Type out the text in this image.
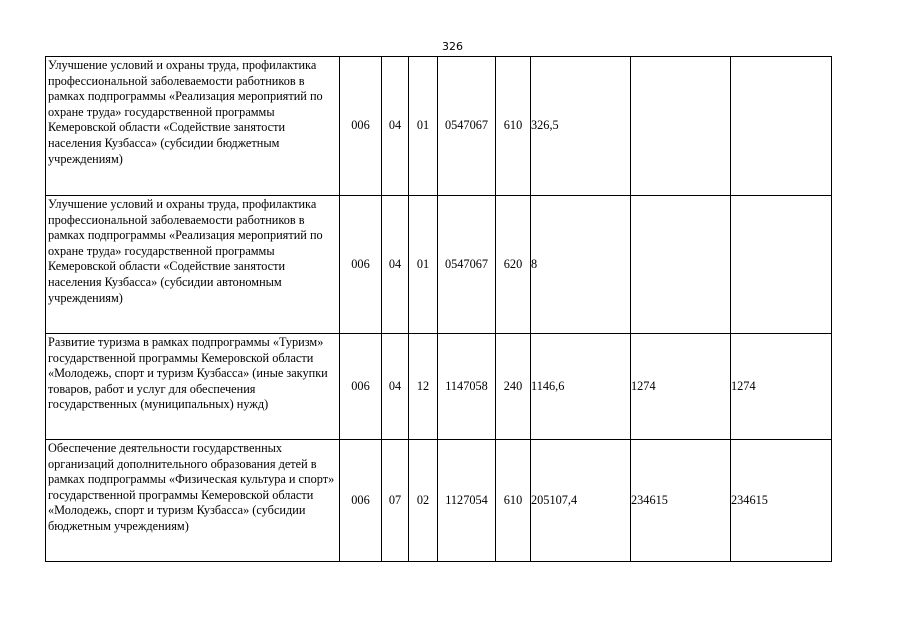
326
Улучшение условий и охраны труда, профилактика профессиональной заболеваемости работников в рамках подпрограммы «Реализация мероприятий по охране труда» государственной программы Кемеровской области «Содействие занятости населения Кузбасса» (субсидии бюджетным учреждениям)	006	04	01	0547067	610	326,5		
Улучшение условий и охраны труда, профилактика профессиональной заболеваемости работников в рамках подпрограммы «Реализация мероприятий по охране труда» государственной программы Кемеровской области «Содействие занятости населения Кузбасса» (субсидии автономным учреждениям)	006	04	01	0547067	620	8		
Развитие туризма в рамках подпрограммы «Туризм» государственной программы Кемеровской области «Молодежь, спорт и туризм Кузбасса» (иные закупки товаров, работ и услуг для обеспечения государственных (муниципальных) нужд)	006	04	12	1147058	240	1146,6	1274	1274
Обеспечение деятельности государственных организаций дополнительного образования детей в рамках подпрограммы «Физическая культура и спорт» государственной программы Кемеровской области «Молодежь, спорт и туризм Кузбасса» (субсидии бюджетным учреждениям)	006	07	02	1127054	610	205107,4	234615	234615
